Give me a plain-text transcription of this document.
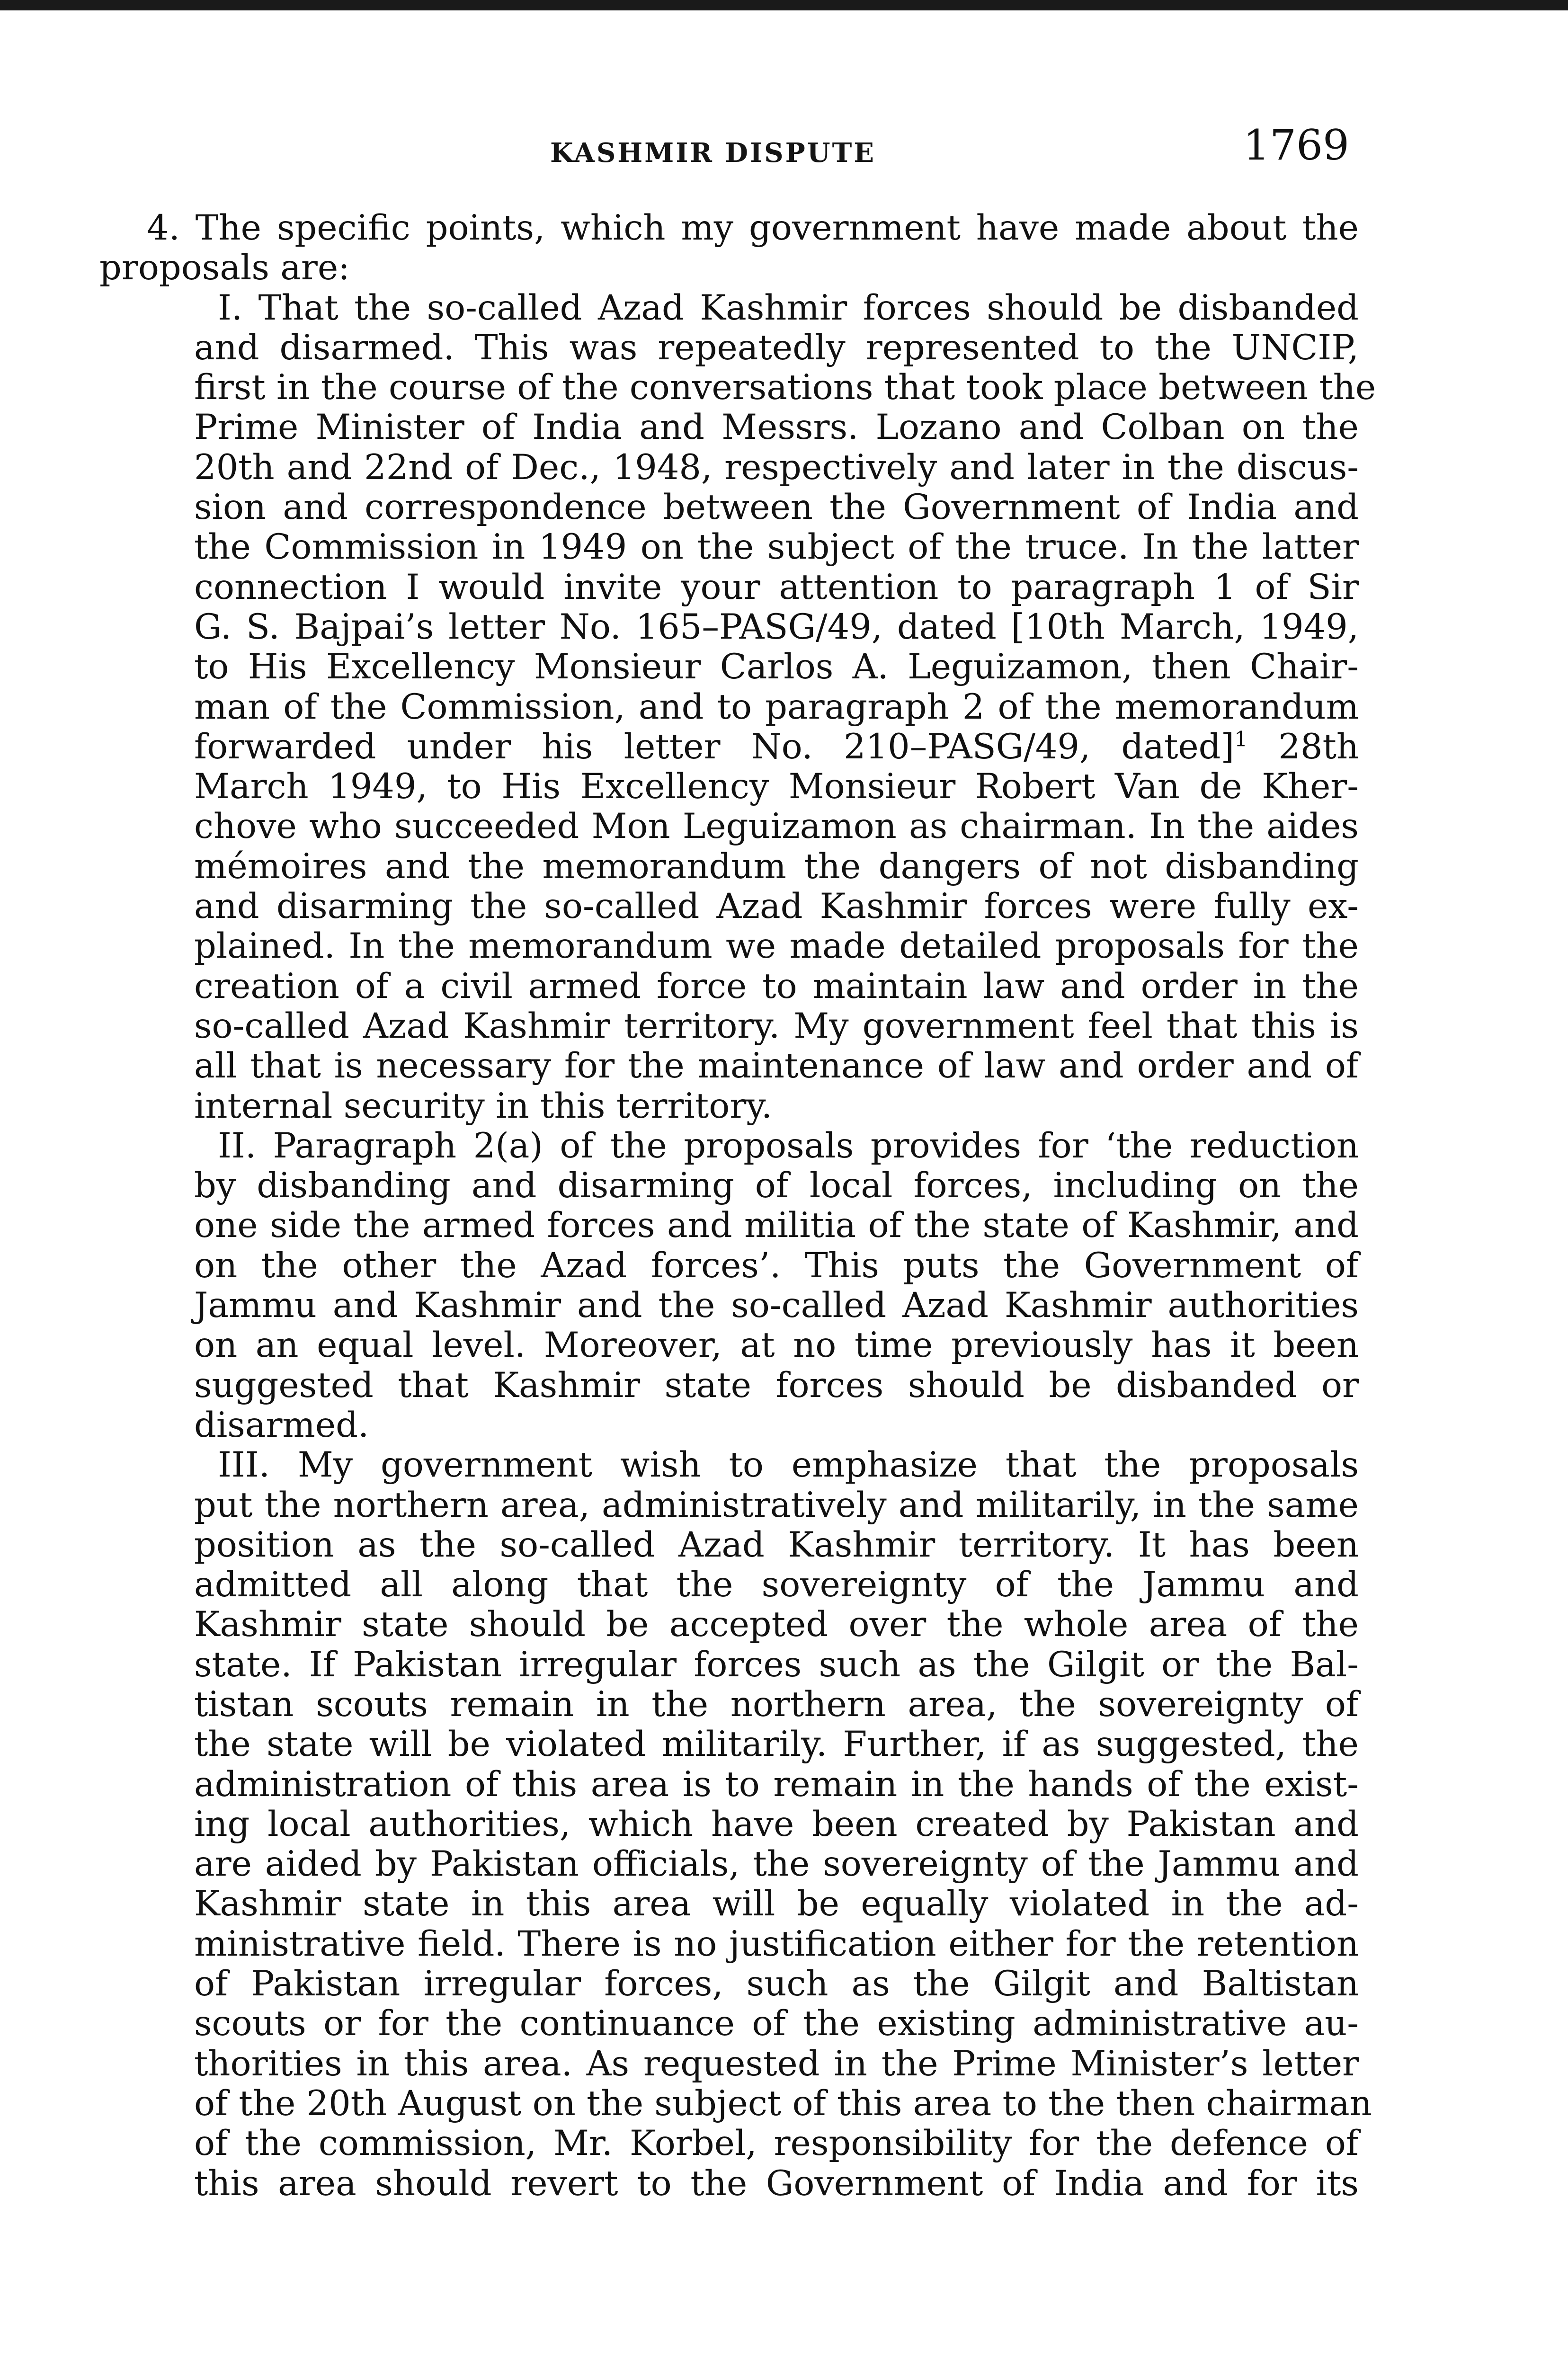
KASHMIR DISPUTE	1769
4. The specific points, which my government have made about the
proposals are:
I. That the so-called Azad Kashmir forces should be disbanded
and disarmed. This was repeatedly represented to the UNCIP,
first in the course of the conversations that took place between the
Prime Minister of India and Messrs. Lozano and Colban on the
20th and 22nd of Dec., 1948, respectively and later in the discus-
sion and correspondence between the Government of India and
the Commission in 1949 on the subject of the truce. In the latter
connection I would invite your attention to paragraph 1 of Sir
G. S. Bajpai’s letter No. 165–PASG/49, dated [10th March, 1949,
to His Excellency Monsieur Carlos A. Leguizamon, then Chair-
man of the Commission, and to paragraph 2 of the memorandum
forwarded under his letter No. 210–PASG/49, dated]$^1$ 28th
March 1949, to His Excellency Monsieur Robert Van de Kher-
chove who succeeded Mon Leguizamon as chairman. In the aides
mémoires and the memorandum the dangers of not disbanding
and disarming the so-called Azad Kashmir forces were fully ex-
plained. In the memorandum we made detailed proposals for the
creation of a civil armed force to maintain law and order in the
so-called Azad Kashmir territory. My government feel that this is
all that is necessary for the maintenance of law and order and of
internal security in this territory.
II. Paragraph 2(a) of the proposals provides for ‘the reduction
by disbanding and disarming of local forces, including on the
one side the armed forces and militia of the state of Kashmir, and
on the other the Azad forces’. This puts the Government of
Jammu and Kashmir and the so-called Azad Kashmir authorities
on an equal level. Moreover, at no time previously has it been
suggested that Kashmir state forces should be disbanded or
disarmed.
III. My government wish to emphasize that the proposals
put the northern area, administratively and militarily, in the same
position as the so-called Azad Kashmir territory. It has been
admitted all along that the sovereignty of the Jammu and
Kashmir state should be accepted over the whole area of the
state. If Pakistan irregular forces such as the Gilgit or the Bal-
tistan scouts remain in the northern area, the sovereignty of
the state will be violated militarily. Further, if as suggested, the
administration of this area is to remain in the hands of the exist-
ing local authorities, which have been created by Pakistan and
are aided by Pakistan officials, the sovereignty of the Jammu and
Kashmir state in this area will be equally violated in the ad-
ministrative field. There is no justification either for the retention
of Pakistan irregular forces, such as the Gilgit and Baltistan
scouts or for the continuance of the existing administrative au-
thorities in this area. As requested in the Prime Minister’s letter
of the 20th August on the subject of this area to the then chairman
of the commission, Mr. Korbel, responsibility for the defence of
this area should revert to the Government of India and for its
